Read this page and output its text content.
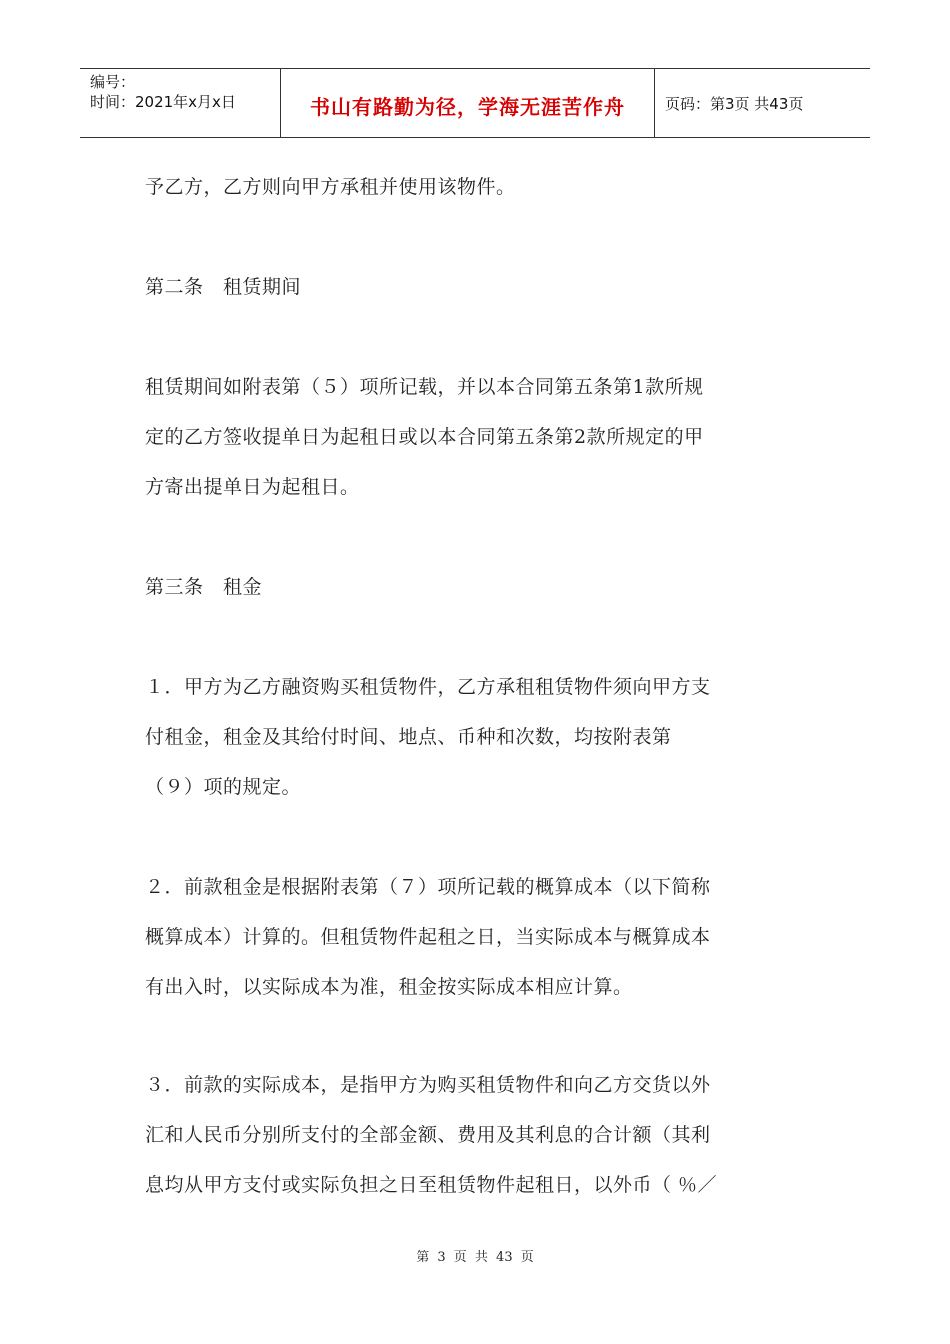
编号：
时间：2021年x月x日	书山有路勤为径，学海无涯苦作舟	页码：第3页 共43页
予乙方，乙方则向甲方承租并使用该物件。
第二条　租赁期间
租赁期间如附表第（５）项所记载，并以本合同第五条第1款所规
定的乙方签收提单日为起租日或以本合同第五条第2款所规定的甲
方寄出提单日为起租日。
第三条　租金
１．甲方为乙方融资购买租赁物件，乙方承租租赁物件须向甲方支
付租金，租金及其给付时间、地点、币种和次数，均按附表第
（９）项的规定。
２．前款租金是根据附表第（７）项所记载的概算成本（以下简称
概算成本）计算的。但租赁物件起租之日，当实际成本与概算成本
有出入时，以实际成本为准，租金按实际成本相应计算。
３．前款的实际成本，是指甲方为购买租赁物件和向乙方交货以外
汇和人民币分别所支付的全部金额、费用及其利息的合计额（其利
息均从甲方支付或实际负担之日至租赁物件起租日，以外币（ ％／
第 3 页 共 43 页
